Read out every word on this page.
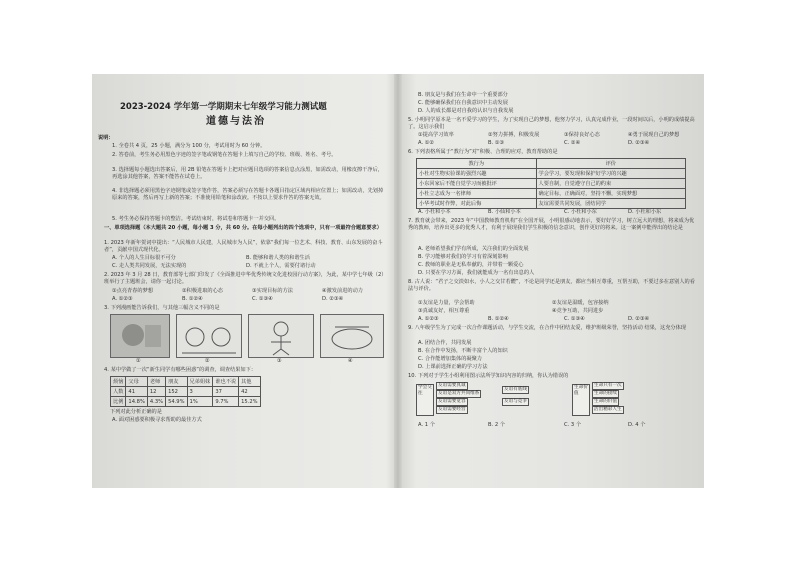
2023-2024 学年第一学期期末七年级学习能力测试题
道德与法治
说明：
1. 全卷共 4 页，25 小题，满分为 100 分，考试用时为 60 分钟。
2. 答卷前，考生务必用黑色字迹的签字笔或钢笔在答题卡上填写自己的学校、班级、姓名、考号。
3. 选择题每小题选出答案后，用 2B 铅笔在答题卡上把对应题目选项的答案信息点涂黑，如需改动，用橡皮擦干净后，再选涂其他答案，答案不能答在试卷上。
4. 非选择题必须用黑色字迹钢笔或签字笔作答，答案必须写在答题卡各题目指定区域内相应位置上；如需改动，先划掉原来的答案，然后再写上新的答案；不准使用铅笔和涂改液。不按以上要求作答的答案无效。
5. 考生务必保持答题卡的整洁。考试结束时，将试卷和答题卡一并交回。
一、单项选择题（本大题共 20 小题，每小题 3 分，共 60 分。在每小题列出的四个选项中，只有一项最符合题意要求）
1. 2023 年新年贺词中提出：“人民城市人民建，人民城市为人民”，依靠“我们每一位艺术、科技、教育、山东发展的奋斗者”，贡献中国式现代化。
A. 个人的人生目标很不可分	B. 能够和谐人类的和谐生活
C. 走人类共同发展，无法实现的	D. 不就上个人，需要付诸行动
2. 2023 年 3 月 28 日，教育部等七部门印发了《全面推进中华优秀传统文化进校园行动方案》，为此，某中学七年级（2）班举行了主题班会，请你一起讨论。
①点亮青春的梦想	②积极进取的心态	③实现目标的方法	④激发前进的动力
A. ①②③	B. ①②④	C. ①③④	D. ②③④
3. 下列漫画能告诉我们，与其他三幅含义不同的是
①	②	③	④
4. 某中学做了一次“新生同学有哪些困惑”的调查，调查结果如下：
烦恼	父母	老师	朋友	兄弟姐妹	谁也不说	其他
人数	41	12	152	3	37	42
比例	14.8%	4.3%	54.9%	1%	9.7%	15.2%
下列对此分析正确的是
A. 面对困惑要积极寻求帮助的最佳方式
B. 朋友是与我们在生命中一个重要部分
C. 能够确保我们在自我意识中主动发展
D. 人的成长都是对自我的认识与自我发展
5. 小明同学原本是一名不爱学习的学生，为了实现自己的梦想，他努力学习，认真完成作业，一段时间以后，小明的成绩提高了。这启示我们
①提高学习效率	②努力拼搏，积极发展	③保持良好心态	④勇于展现自己的梦想
A. ①②	B. ①③	C. ②④	D. ②③④
6. 下列表格所属于“教行为”对“积极、合理的应对，教育帮助的是
教行为	评价
小杜对生物实验课的强烈兴趣	学会学习，要发现和保护好学习的兴趣
小东回家后不能自觉学习而被批评	人要自制，自觉遵守自己的约束
小杜立志成为一名律师	确定目标，正确面对，坚持不懈，实现梦想
小华考试时作弊，对此后悔	友谊需要共同发展，团结同学
A. 小杜和小本	B. 小仙和小本	C. 小杜和小东	D. 小杜和小东
7. 教育就会带来，2023 年“中国教师教育机构”在全国开展，小明很感动地表示，要好好学习，树立远大的理想，将来成为优秀的教师，培养出更多的优秀人才，有利于展现我们学生积极的信念意识，创作更好的将来。这一案例中能得出的结论是
A. 老师希望我们学有所成，关注我们的全面发展
B. 学习能够对我们的学习有着深刻影响
C. 教师的职业是无私奉献的，并带着一颗爱心
D. 只要在学习方面，我们就能成为一名有出息的人
8. 古人说：“君子之交淡如水，小人之交甘若醴”，不论是同学还是朋友，都应当相互尊重，互帮互助，不要过多在意别人的看法与评价。
①友谊是力量，学会帮助	②友谊是温暖，包容接纳
③真诚友好，相互尊重	④竞争互助，共同进步
A. ①②③	B. ①②④	C. ①③④	D. ②③④
9. 八年级学生为了完成一次合作课题活动，与学生交流，在合作中团结友爱，维护班级荣誉，坚持活动 结果，这充分体现
A. 团结合作，共同发展
B. 在合作中发扬，不断丰富个人的知识
C. 合作能增加集体的凝聚力
D. 上课前选择正确的学习方法
10. 下列对于学生小组利用图示法所学知识内容的归纳，你认为错误的
学会交往
友谊需要真诚
友谊是双方共同维系
友谊需要宽容
友谊需要经营
友谊有底线
友谊与竞争
生命价值
生命只有一次
生命的接续
生命的价值
活出精彩人生
A. 1 个	B. 2 个	C. 3 个	D. 4 个
